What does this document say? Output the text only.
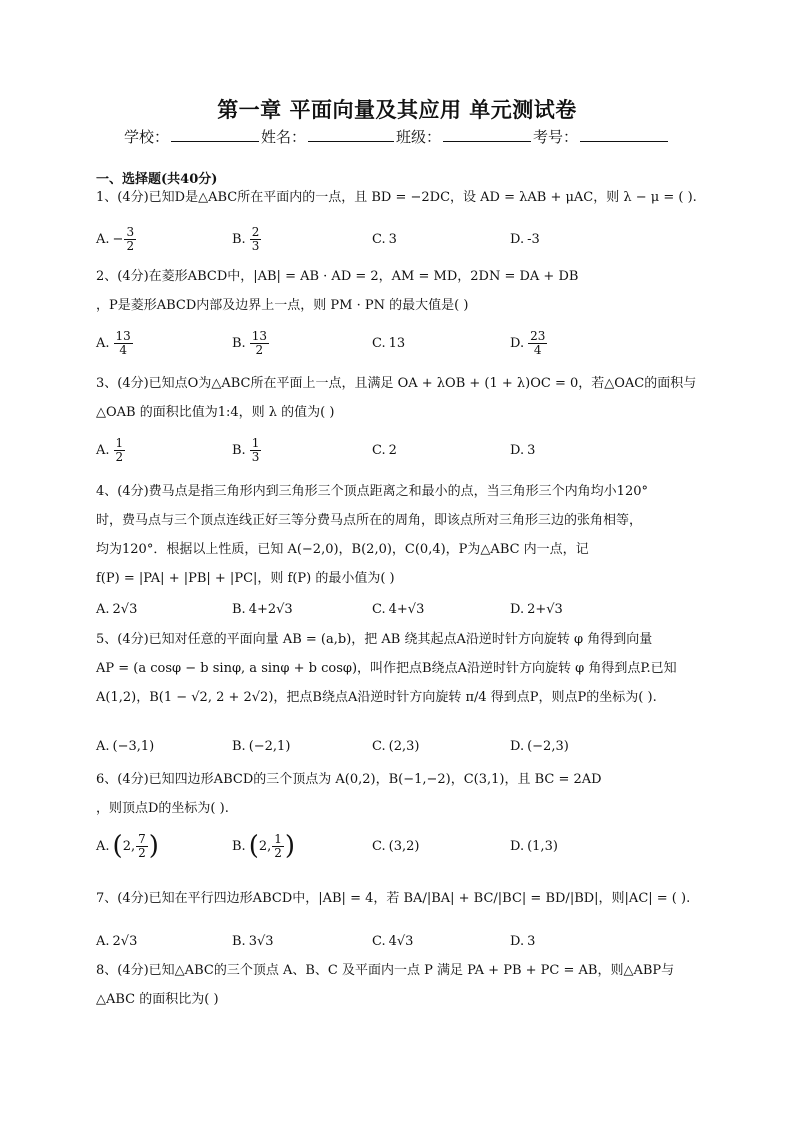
第一章 平面向量及其应用 单元测试卷
学校：	姓名：	班级：	考号：
一、选择题(共40分)
1、(4分)已知D是△ABC所在平面内的一点，且 BD = −2DC，设 AD = λAB + μAC，则 λ − μ = ( ).
A. − $\frac{3}{2}$	B. $\frac{2}{3}$	C. 3	D. -3
2、(4分)在菱形ABCD中，|AB| = AB · AD = 2，AM = MD，2DN = DA + DB
，P是菱形ABCD内部及边界上一点，则 PM · PN 的最大值是( )
A. $\frac{13}{4}$	B. $\frac{13}{2}$	C. 13	D. $\frac{23}{4}$
3、(4分)已知点O为△ABC所在平面上一点，且满足 OA + λOB + (1 + λ)OC = 0，若△OAC的面积与
△OAB 的面积比值为1:4，则 λ 的值为( )
A. $\frac{1}{2}$	B. $\frac{1}{3}$	C. 2	D. 3
4、(4分)费马点是指三角形内到三角形三个顶点距离之和最小的点，当三角形三个内角均小120°
时，费马点与三个顶点连线正好三等分费马点所在的周角，即该点所对三角形三边的张角相等，
均为120°．根据以上性质，已知 A(−2,0)，B(2,0)，C(0,4)，P为△ABC 内一点，记
f(P) = |PA| + |PB| + |PC|，则 f(P) 的最小值为( )
A. 2√3	B. 4+2√3	C. 4+√3	D. 2+√3
5、(4分)已知对任意的平面向量 AB = (a,b)，把 AB 绕其起点A沿逆时针方向旋转 φ 角得到向量
AP = (a cosφ − b sinφ, a sinφ + b cosφ)，叫作把点B绕点A沿逆时针方向旋转 φ 角得到点P.已知
A(1,2)，B(1 − √2, 2 + 2√2)，把点B绕点A沿逆时针方向旋转 π/4 得到点P，则点P的坐标为( ).
A. (−3,1)	B. (−2,1)	C. (2,3)	D. (−2,3)
6、(4分)已知四边形ABCD的三个顶点为 A(0,2)，B(−1,−2)，C(3,1)，且 BC = 2AD
，则顶点D的坐标为( ).
A. ( 2, $\frac{7}{2}$ )	B. ( 2, $\frac{1}{2}$ )	C. (3,2)	D. (1,3)
7、(4分)已知在平行四边形ABCD中，|AB| = 4，若 BA/|BA| + BC/|BC| = BD/|BD|，则|AC| = ( ).
A. 2√3	B. 3√3	C. 4√3	D. 3
8、(4分)已知△ABC的三个顶点 A、B、C 及平面内一点 P 满足 PA + PB + PC = AB，则△ABP与
△ABC 的面积比为( )
